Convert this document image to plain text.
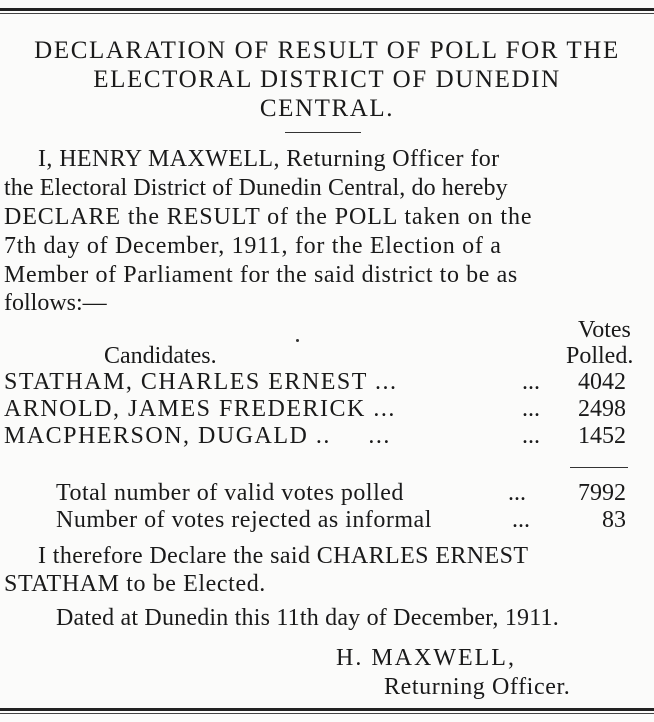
DECLARATION OF RESULT OF POLL FOR THE
ELECTORAL DISTRICT OF DUNEDIN
CENTRAL.
I, HENRY MAXWELL, Returning Officer for
the Electoral District of Dunedin Central, do hereby
DECLARE the RESULT of the POLL taken on the
7th day of December, 1911, for the Election of a
Member of Parliament for the said district to be as
follows:—
Votes
Candidates.	Polled.
STATHAM, CHARLES ERNEST ...	...	4042
ARNOLD, JAMES FREDERICK ...	...	2498
MACPHERSON, DUGALD ..     ...	...	1452
Total number of valid votes polled	...	7992
Number of votes rejected as informal	...	83
I therefore Declare the said CHARLES ERNEST
STATHAM to be Elected.
Dated at Dunedin this 11th day of December, 1911.
H. MAXWELL,
Returning Officer.
